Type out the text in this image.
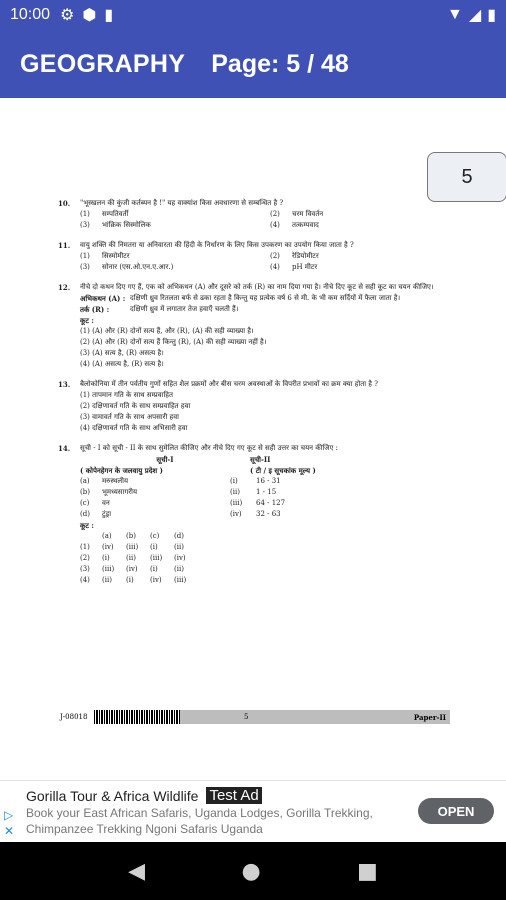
10:00 ⚙ ⬢ ▮	▼ ◢ ▮
GEOGRAPHY Page: 5 / 48
5
10. "भूस्खलन की कुंजी कर्तब्यन है !" यह वाक्यांश किस अवधारणा से सम्बन्धित है ?
(1)	सम्पतिवर्ती	(2)	चरम विवर्तन
(3)	भांक्रिक सिस्मोलिक	(4)	तत्कम्पवाद
11. वायु शक्ति की निमतरा या अनिवारता की हिंदी के निर्धारण के लिए किस उपकरण का उपयोग किया जाता है ?
(1)	सिस्मोमीटर	(2)	रेडियोमीटर
(3)	सोनार (एस.ओ.एन.ए.आर.)	(4)	pH मीटर
12. नीचे दो कथन दिए गए हैं, एक को अभिकथन (A) और दूसरे को तर्क (R) का नाम दिया गया है। नीचे दिए कूट से सही कूट का चयन कीजिए।
अभिकथन (A) : दक्षिणी ध्रुव रितलता बर्फ से ढका रहता है किन्तु यह प्रत्येक वर्ष 6 से मी. के भी कम सर्दियों में फैला जाता है।
तर्क (R) :	दक्षिणी ध्रुव में लगातार तेज हवाएँ चलती हैं।
कूट :
(1) (A) और (R) दोनों सत्य हैं, और (R), (A) की सही व्याख्या है।
(2) (A) और (R) दोनों सत्य हैं किन्तु (R), (A) की सही व्याख्या नहीं है।
(3) (A) सत्य है, (R) असत्य है।
(4) (A) असत्य है, (R) सत्य है।
13. बैलोकोनिया में तीन पर्वतीय गुणों सहित शैल प्रक्रमों और बीस चरम अवस्थाओं के विपरीत प्रभावों का क्रम क्या होता है ?
(1) तापमान गति के साथ सम्प्रवाहित
(2) दक्षिणावर्त गति के साथ सम्प्रवाहित हवा
(3) वामावर्त गति के साथ अपसारी हवा
(4) दक्षिणावर्त गति के साथ अभिसारी हवा
14. सूची - I को सूची - II के साथ सुमेलित कीजिए और नीचे दिए गए कूट से सही उत्तर का चयन कीजिए :
सूची-I	सूची-II
( कोपेनहेगन के जलवायु प्रदेश )	( टी / इ सूचकांक मूल्य )
(a)	मरुस्थलीय	(i)	16 - 31
(b)	भूमध्यसागरीय	(ii)	1 - 15
(c)	वन	(iii)	64 - 127
(d)	टुंड्रा	(iv)	32 - 63
कूट :
(a)	(b)	(c)	(d)
(1)	(iv)	(iii)	(i)	(ii)
(2)	(i)	(ii)	(iii)	(iv)
(3)	(iii)	(iv)	(i)	(ii)
(4)	(ii)	(i)	(iv)	(iii)
J-08018	5	Paper-II
Gorilla Tour & Africa Wildlife Test Ad
▷
✕
Book your East African Safaris, Uganda Lodges, Gorilla Trekking, Chimpanzee Trekking Ngoni Safaris Uganda
OPEN
◀	●	■
